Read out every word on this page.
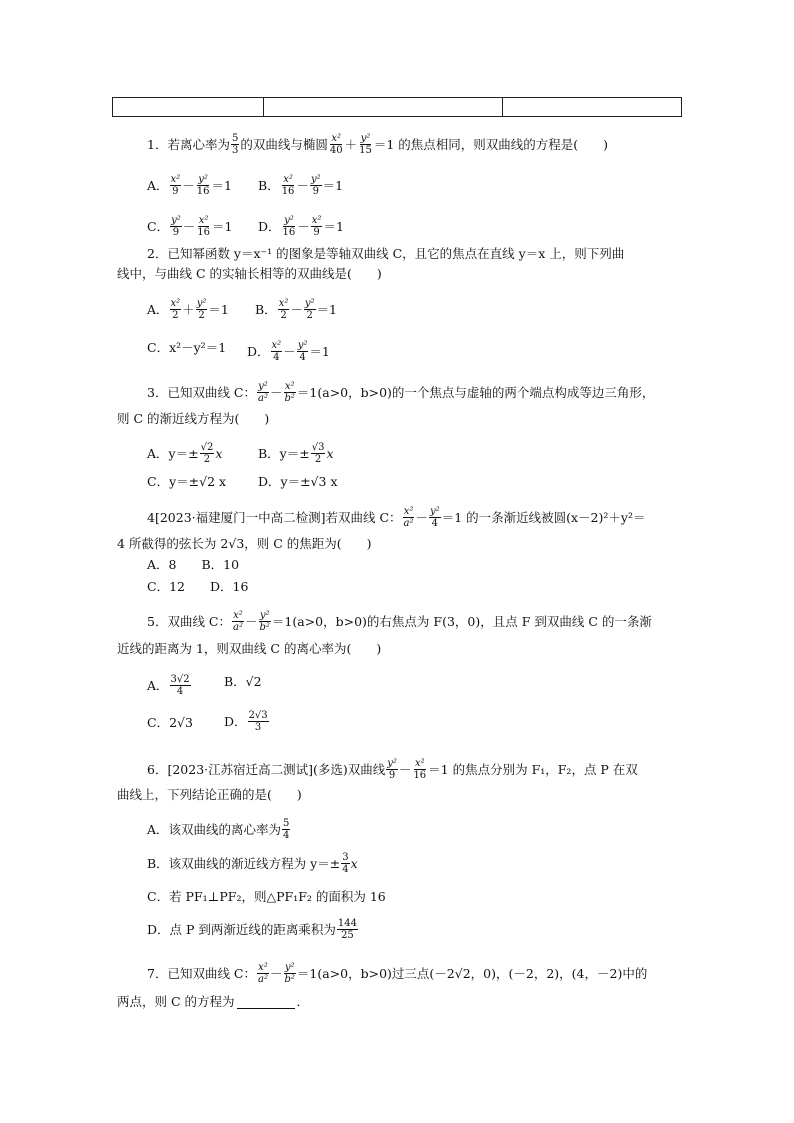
1．若离心率为 $\frac{5}{3}$ 的双曲线与椭圆 $\frac{\text{x²}}{40} + \frac{\text{y²}}{15} =1$ 的焦点相同，则双曲线的方程是(　　)
A． $\frac{\text{x²}}{9} - \frac{\text{y²}}{16} =1$ B． $\frac{\text{x²}}{16} - \frac{\text{y²}}{9} =1$
C． $\frac{\text{y²}}{9} - \frac{\text{x²}}{16} =1$ D． $\frac{\text{y²}}{16} - \frac{\text{x²}}{9} =1$
2．已知幂函数 y＝x⁻¹ 的图象是等轴双曲线 C，且它的焦点在直线 y＝x 上，则下列曲
线中，与曲线 C 的实轴长相等的双曲线是(　　)
A． $\frac{\text{x²}}{2} + \frac{\text{y²}}{2} =1$ B． $\frac{\text{x²}}{2} - \frac{\text{y²}}{2} =1$
C．x²－y²＝1 D． $\frac{\text{x²}}{4} - \frac{\text{y²}}{4} =1$
3．已知双曲线 C： $\frac{\text{y²}}{\text{a²}} - \frac{\text{x²}}{\text{b²}} =1(a>0$，b>0)的一个焦点与虚轴的两个端点构成等边三角形，
则 C 的渐近线方程为(　　)
A．$y=\pm \frac{√2}{2}$ x	B．$y=\pm \frac{√3}{2}$ x
C．y＝±√2 x	D．y＝±√3 x
4[2023·福建厦门一中高二检测]若双曲线 C： $\frac{\text{x²}}{\text{a²}} - \frac{\text{y²}}{4} =1$ 的一条渐近线被圆(x－2)²＋y²＝
4 所截得的弦长为 2√3，则 C 的焦距为(　　)
A．8　　B．10
C．12　　D．16
5．双曲线 C： $\frac{\text{x²}}{\text{a²}} - \frac{\text{y²}}{\text{b²}} =1(a>0$，b>0)的右焦点为 F(3，0)，且点 F 到双曲线 C 的一条渐
近线的距离为 1，则双曲线 C 的离心率为(　　)
A． $\frac{3√2}{4}$	B．√2
C．2√3 D． $\frac{2√3}{3}$
6．[2023·江苏宿迁高二测试](多选)双曲线 $\frac{\text{y²}}{9} - \frac{\text{x²}}{16} =1$ 的焦点分别为 F₁，F₂，点 P 在双
曲线上，下列结论正确的是(　　)
A．该双曲线的离心率为 $\frac{5}{4}$
B．该双曲线的渐近线方程为 $y=\pm \frac{3}{4}$ x
C．若 PF₁⊥PF₂，则△PF₁F₂ 的面积为 16
D．点 P 到两渐近线的距离乘积为 $\frac{144}{25}$
7．已知双曲线 C： $\frac{\text{x²}}{\text{a²}} - \frac{\text{y²}}{\text{b²}} =1(a>0$，b>0)过三点(－2√2，0)，(－2，2)，(4，－2)中的
两点，则 C 的方程为	．
